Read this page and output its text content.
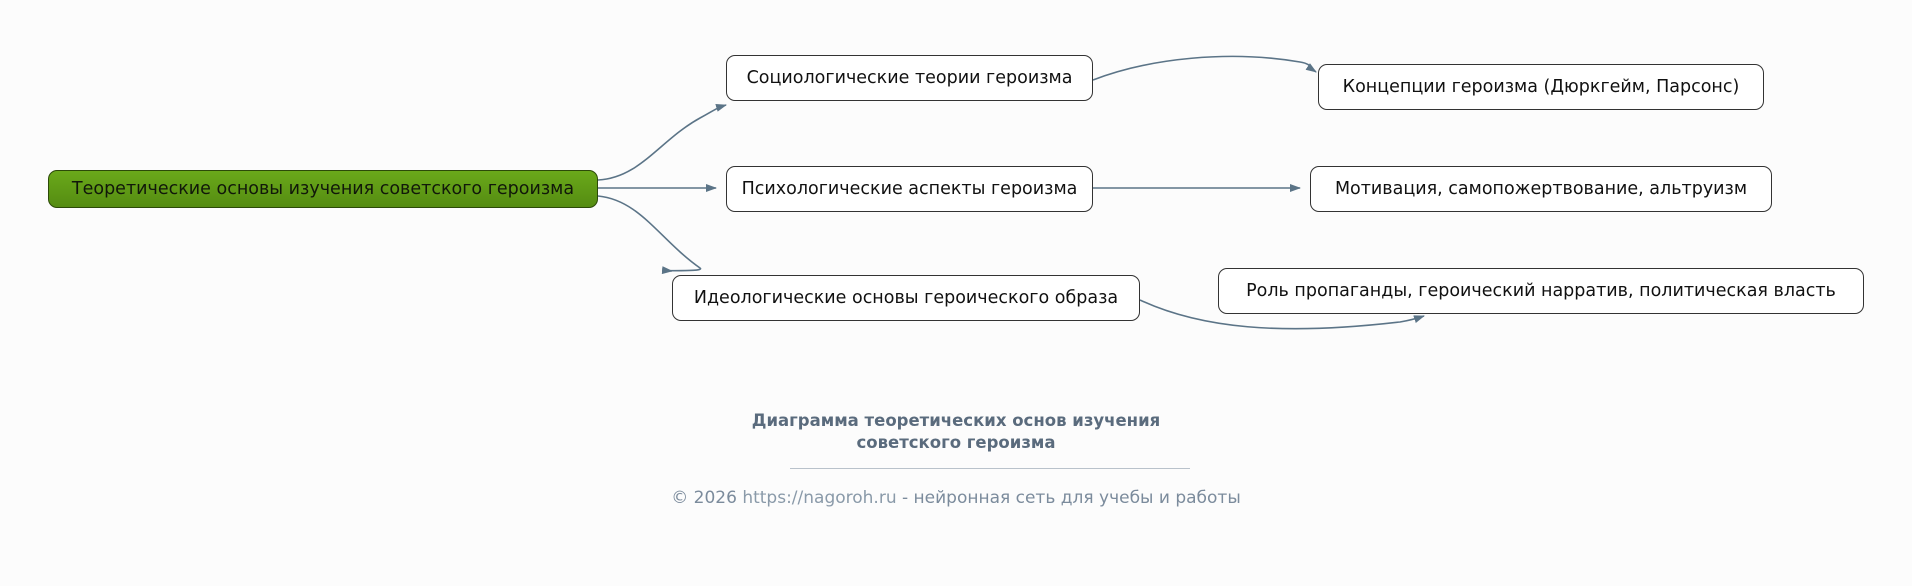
Теоретические основы изучения советского героизма
Социологические теории героизма
Психологические аспекты героизма
Идеологические основы героического образа
Концепции героизма (Дюркгейм, Парсонс)
Мотивация, самопожертвование, альтруизм
Роль пропаганды, героический нарратив, политическая власть
Диаграмма теоретических основ изучения
советского героизма
© 2026 https://nagoroh.ru - нейронная сеть для учебы и работы
